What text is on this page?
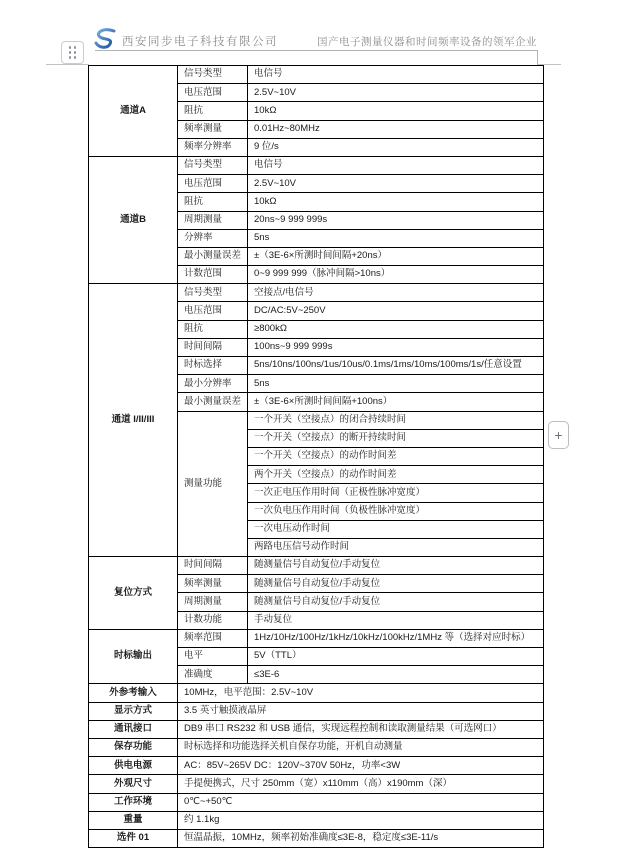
西安同步电子科技有限公司	国产电子测量仪器和时间频率设备的领军企业
通道A	信号类型	电信号
	电压范围	2.5V~10V
	阻抗	10kΩ
	频率测量	0.01Hz~80MHz
	频率分辨率	9 位/s
通道B	信号类型	电信号
	电压范围	2.5V~10V
	阻抗	10kΩ
	周期测量	20ns~9 999 999s
	分辨率	5ns
	最小测量误差	±（3E-6×所测时间间隔+20ns）
	计数范围	0~9 999 999（脉冲间隔>10ns）
通道 I/II/III	信号类型	空接点/电信号
	电压范围	DC/AC:5V~250V
	阻抗	≥800kΩ
	时间间隔	100ns~9 999 999s
	时标选择	5ns/10ns/100ns/1us/10us/0.1ms/1ms/10ms/100ms/1s/任意设置
	最小分辨率	5ns
	最小测量误差	±（3E-6×所测时间间隔+100ns）
	测量功能	一个开关（空接点）的闭合持续时间
		一个开关（空接点）的断开持续时间
		一个开关（空接点）的动作时间差
		两个开关（空接点）的动作时间差
		一次正电压作用时间（正极性脉冲宽度）
		一次负电压作用时间（负极性脉冲宽度）
		一次电压动作时间
		两路电压信号动作时间
复位方式	时间间隔	随测量信号自动复位/手动复位
	频率测量	随测量信号自动复位/手动复位
	周期测量	随测量信号自动复位/手动复位
	计数功能	手动复位
时标输出	频率范围	1Hz/10Hz/100Hz/1kHz/10kHz/100kHz/1MHz 等（选择对应时标）
	电平	5V（TTL）
	准确度	≤3E-6
外参考输入	10MHz，电平范围：2.5V~10V	
显示方式	3.5 英寸触摸液晶屏	
通讯接口	DB9 串口 RS232 和 USB 通信，实现远程控制和读取测量结果（可选网口）	
保存功能	时标选择和功能选择关机自保存功能，开机自动测量	
供电电源	AC：85V~265V DC：120V~370V 50Hz，功率<3W	
外观尺寸	手提便携式，尺寸 250mm（宽）x110mm（高）x190mm（深）	
工作环境	0℃~+50℃	
重量	约 1.1kg	
选件 01	恒温晶振，10MHz，频率初始准确度≤3E-8，稳定度≤3E-11/s	
+
